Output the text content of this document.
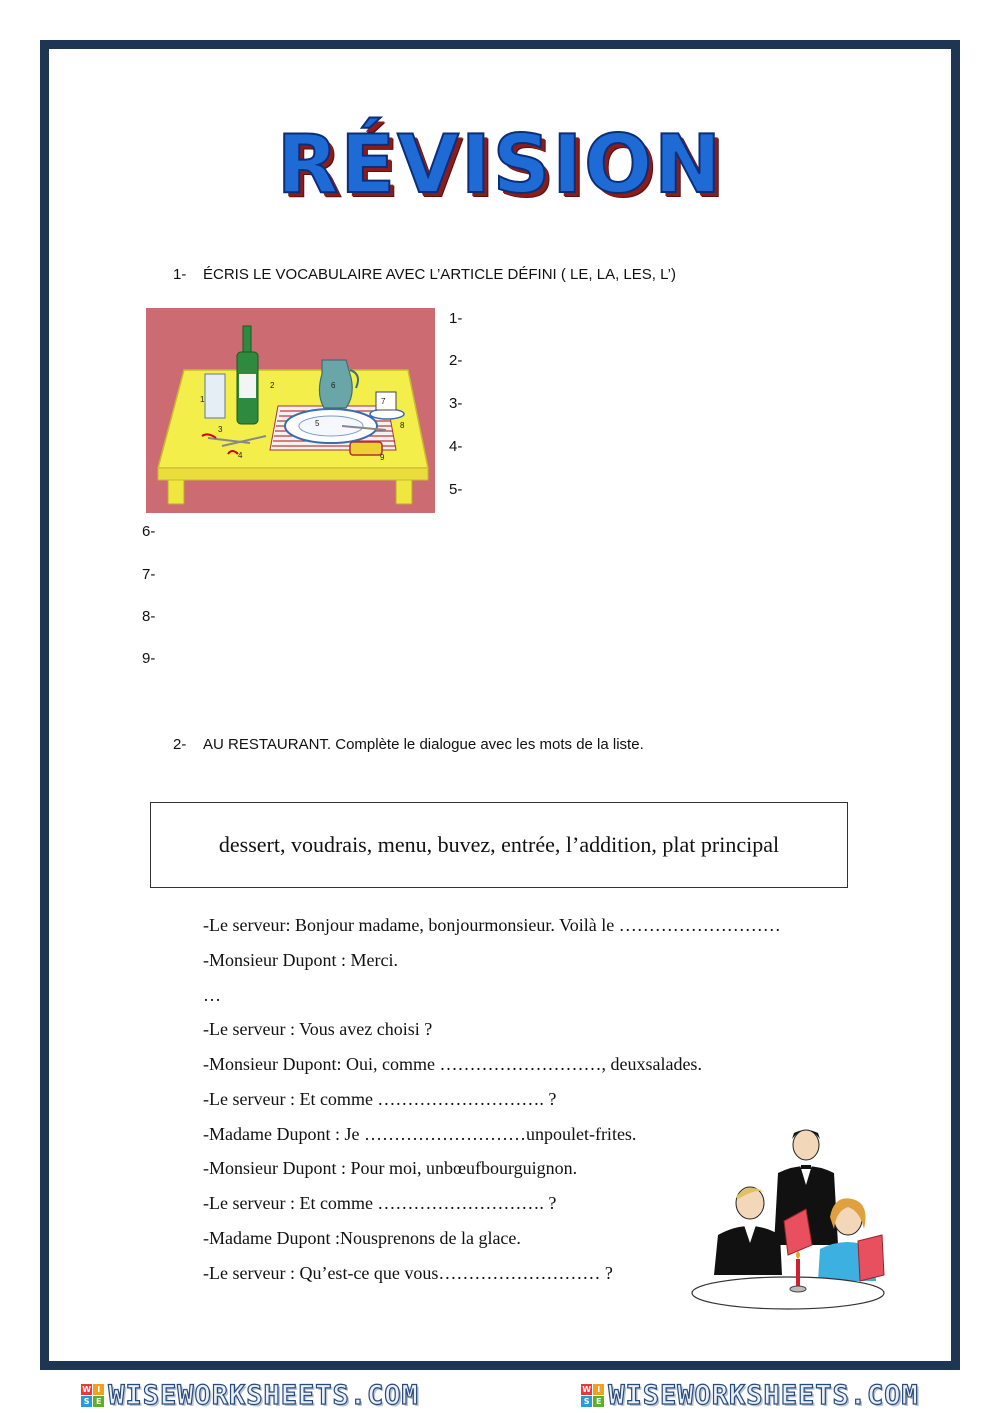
RÉVISION
1- ÉCRIS LE VOCABULAIRE AVEC L’ARTICLE DÉFINI ( LE, LA, LES, L’)
1
2
3
4
5
6
7
8
9
1-
2-
3-
4-
5-
6-
7-
8-
9-
2- AU RESTAURANT. Complète le dialogue avec les mots de la liste.
dessert, voudrais, menu, buvez, entrée, l’addition, plat principal
-Le serveur: Bonjour madame, bonjourmonsieur. Voilà le ………………………
-Monsieur Dupont : Merci.
…
-Le serveur : Vous avez choisi ?
-Monsieur Dupont: Oui, comme ………………………, deuxsalades.
-Le serveur : Et comme ………………………. ?
-Madame Dupont : Je ………………………unpoulet-frites.
-Monsieur Dupont : Pour moi, unbœufbourguignon.
-Le serveur : Et comme ………………………. ?
-Madame Dupont :Nousprenons de la glace.
-Le serveur : Qu’est-ce que vous……………………… ?
W I
S E WISEWORKSHEETS.COM	W I
S E WISEWORKSHEETS.COM
